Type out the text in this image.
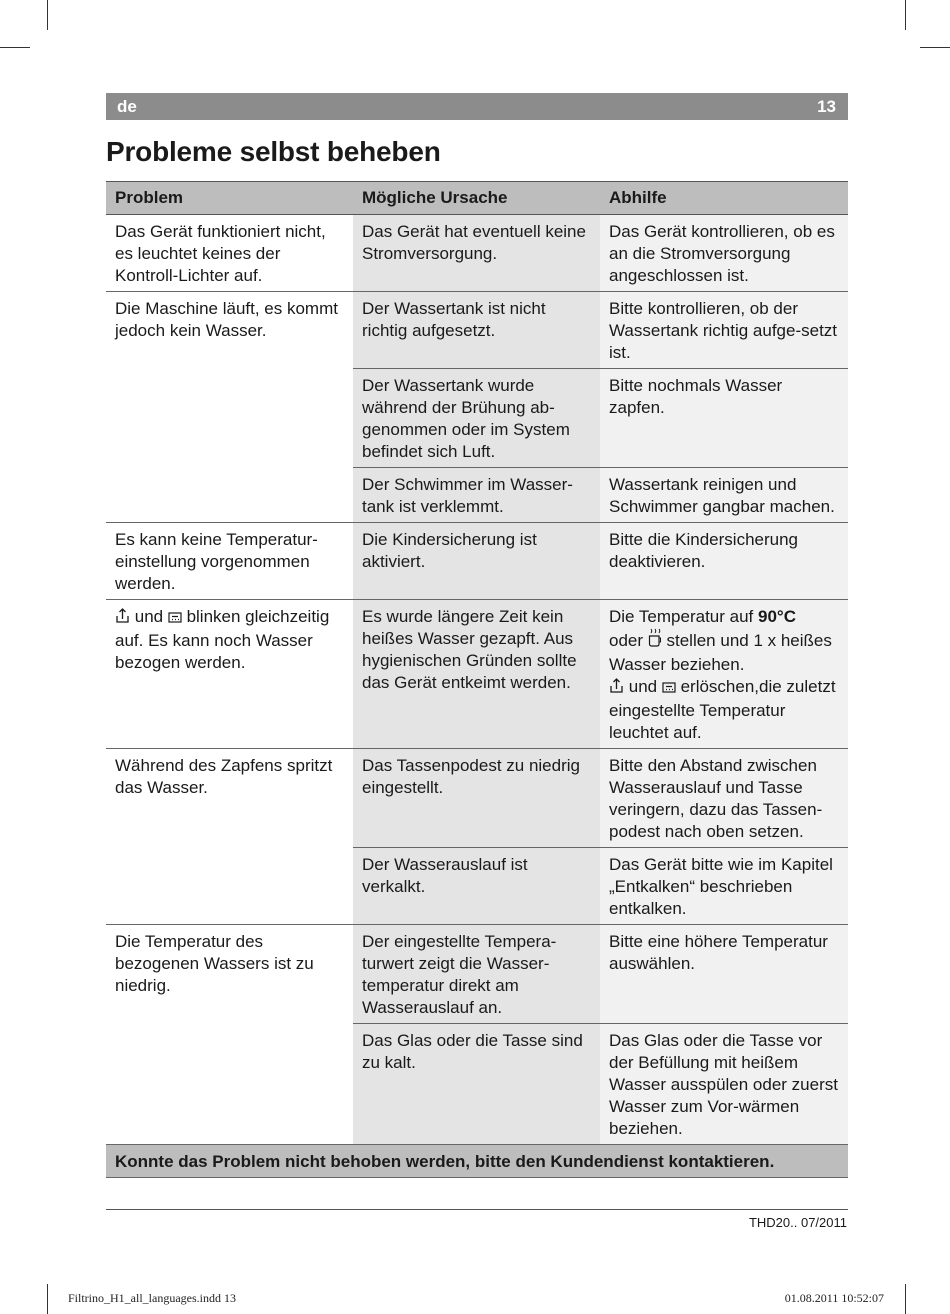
de	13
Probleme selbst beheben
Problem	Mögliche Ursache	Abhilfe
Das Gerät funktioniert nicht, es leuchtet keines der Kontroll-Lichter auf.	Das Gerät hat eventuell keine Stromversorgung.	Das Gerät kontrollieren, ob es an die Stromversorgung angeschlossen ist.
Die Maschine läuft, es kommt jedoch kein Wasser.	Der Wassertank ist nicht richtig aufgesetzt.	Bitte kontrollieren, ob der Wassertank richtig aufge-setzt ist.
	Der Wassertank wurde während der Brühung ab-genommen oder im System befindet sich Luft.	Bitte nochmals Wasser zapfen.
	Der Schwimmer im Wasser-tank ist verklemmt.	Wassertank reinigen und Schwimmer gangbar machen.
Es kann keine Temperatur-einstellung vorgenommen werden.	Die Kindersicherung ist aktiviert.	Bitte die Kindersicherung deaktivieren.
und blinken gleichzeitig auf. Es kann noch Wasser bezogen werden.	Es wurde längere Zeit kein heißes Wasser gezapft. Aus hygienischen Gründen sollte das Gerät entkeimt werden.	Die Temperatur auf 90°C
oder stellen und 1 x heißes Wasser beziehen.
und erlöschen,die zuletzt eingestellte Temperatur leuchtet auf.
Während des Zapfens spritzt das Wasser.	Das Tassenpodest zu niedrig eingestellt.	Bitte den Abstand zwischen Wasserauslauf und Tasse veringern, dazu das Tassen-podest nach oben setzen.
	Der Wasserauslauf ist verkalkt.	Das Gerät bitte wie im Kapitel „Entkalken“ beschrieben entkalken.
Die Temperatur des bezogenen Wassers ist zu niedrig.	Der eingestellte Tempera-turwert zeigt die Wasser-temperatur direkt am Wasserauslauf an.	Bitte eine höhere Temperatur auswählen.
	Das Glas oder die Tasse sind zu kalt.	Das Glas oder die Tasse vor der Befüllung mit heißem Wasser ausspülen oder zuerst Wasser zum Vor-wärmen beziehen.
Konnte das Problem nicht behoben werden, bitte den Kundendienst kontaktieren.		
THD20.. 07/2011
Filtrino_H1_all_languages.indd 13	01.08.2011 10:52:07
